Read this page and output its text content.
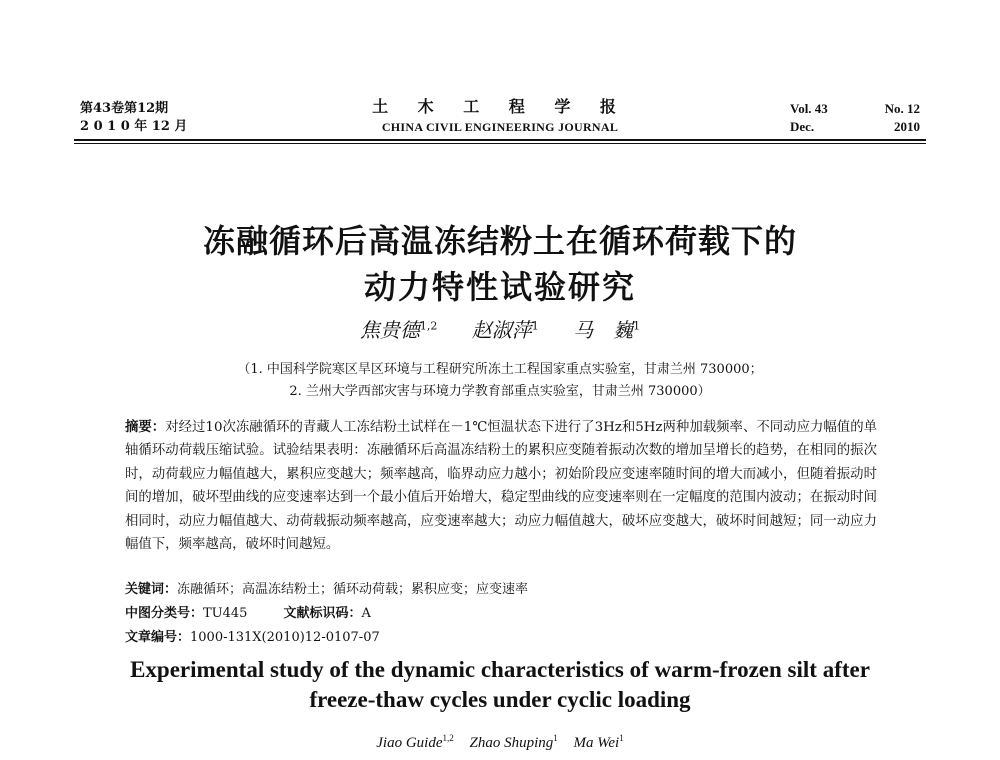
第43卷第12期
2 0 1 0 年 12 月
土 木 工 程 学 报
CHINA CIVIL ENGINEERING JOURNAL
Vol. 43	No. 12
Dec.	2010
冻融循环后高温冻结粉土在循环荷载下的
动力特性试验研究
焦贵德$^{1,2}$ 赵淑萍$^1$ 马　巍$^1$
（1. 中国科学院寒区旱区环境与工程研究所冻土工程国家重点实验室，甘肃兰州 730000；
2. 兰州大学西部灾害与环境力学教育部重点实验室，甘肃兰州 730000）
摘要：对经过10次冻融循环的青藏人工冻结粉土试样在－1℃恒温状态下进行了3Hz和5Hz两种加载频率、不同动应力幅值的单轴循环动荷载压缩试验。试验结果表明：冻融循环后高温冻结粉土的累积应变随着振动次数的增加呈增长的趋势，在相同的振次时，动荷载应力幅值越大，累积应变越大；频率越高，临界动应力越小；初始阶段应变速率随时间的增大而减小，但随着振动时间的增加，破坏型曲线的应变速率达到一个最小值后开始增大，稳定型曲线的应变速率则在一定幅度的范围内波动；在振动时间相同时，动应力幅值越大、动荷载振动频率越高，应变速率越大；动应力幅值越大，破坏应变越大，破坏时间越短；同一动应力幅值下，频率越高，破坏时间越短。
关键词：冻融循环；高温冻结粉土；循环动荷载；累积应变；应变速率
中图分类号：TU445	文献标识码：A
文章编号：1000-131X(2010)12-0107-07
Experimental study of the dynamic characteristics of warm-frozen silt after
freeze-thaw cycles under cyclic loading
Jiao Guide$^{1,2}$ Zhao Shuping$^1$ Ma Wei$^1$
